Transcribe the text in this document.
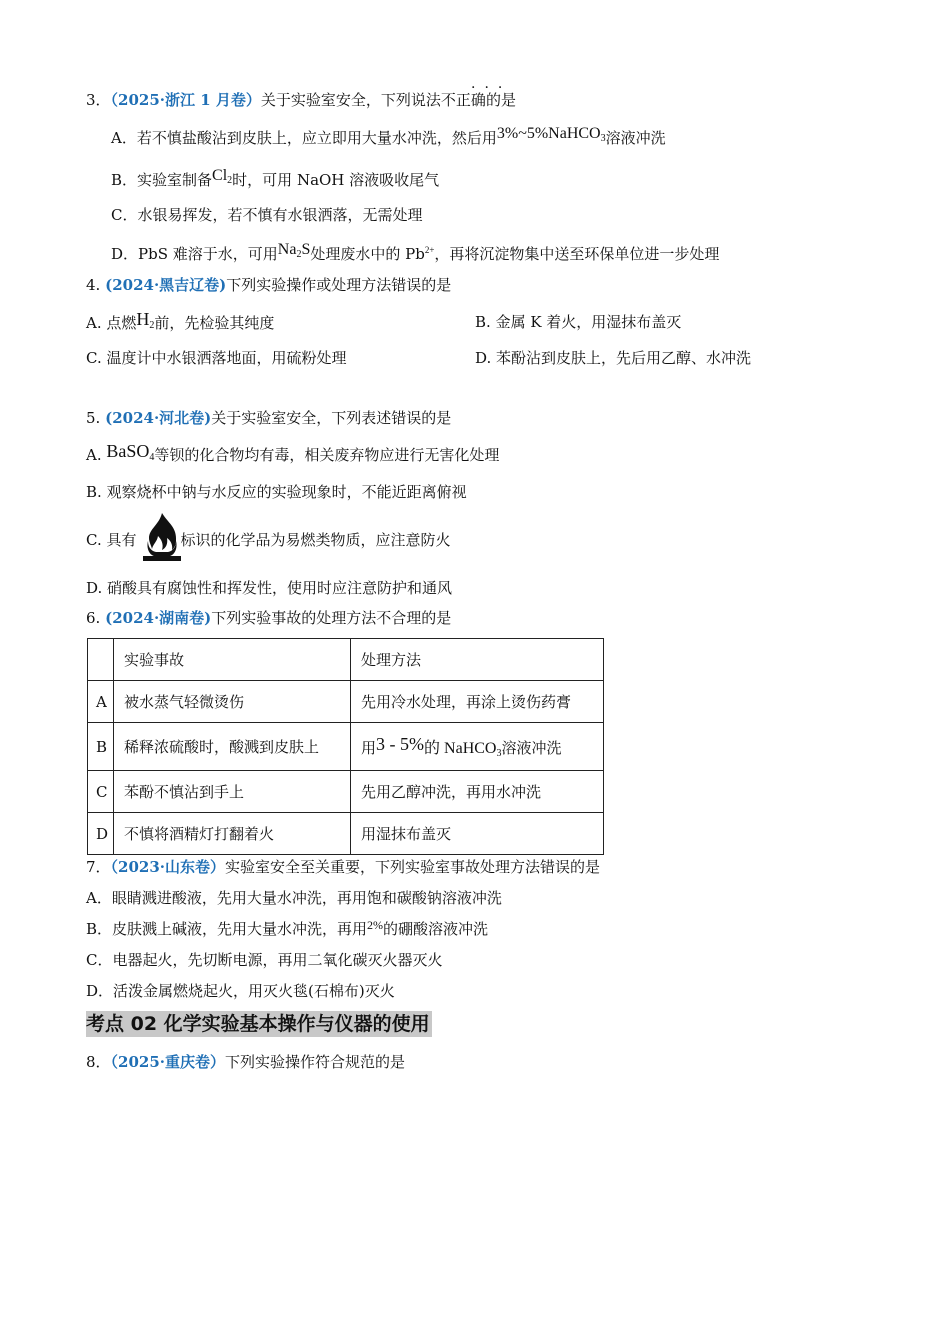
3．（2025·浙江 1 月卷）关于实验室安全，下列说法不正确的是
···
A．若不慎盐酸沾到皮肤上，应立即用大量水冲洗，然后用3%~5%NaHCO$_3$溶液冲洗
B．实验室制备$Cl_2$时，可用 NaOH 溶液吸收尾气
C．水银易挥发，若不慎有水银洒落，无需处理
D．PbS 难溶于水，可用$Na_2S$处理废水中的 $Pb^{2+}$，再将沉淀物集中送至环保单位进一步处理
4. (2024·黑吉辽卷)下列实验操作或处理方法错误的是
A. 点燃$H_2$前，先检验其纯度	B. 金属 K 着火，用湿抹布盖灭
C. 温度计中水银洒落地面，用硫粉处理	D. 苯酚沾到皮肤上，先后用乙醇、水冲洗
5. (2024·河北卷)关于实验室安全，下列表述错误的是
A. BaSO$_4$等钡的化合物均有毒，相关废弃物应进行无害化处理
B. 观察烧杯中钠与水反应的实验现象时，不能近距离俯视
C. 具有	标识的化学品为易燃类物质，应注意防火
D. 硝酸具有腐蚀性和挥发性，使用时应注意防护和通风
6. (2024·湖南卷)下列实验事故的处理方法不合理的是
	实验事故	处理方法
A	被水蒸气轻微烫伤	先用冷水处理，再涂上烫伤药膏
B	稀释浓硫酸时，酸溅到皮肤上	用3 - 5%的 NaHCO$_3$溶液冲洗
C	苯酚不慎沾到手上	先用乙醇冲洗，再用水冲洗
D	不慎将酒精灯打翻着火	用湿抹布盖灭
7．（2023·山东卷）实验室安全至关重要，下列实验室事故处理方法错误的是
A．眼睛溅进酸液，先用大量水冲洗，再用饱和碳酸钠溶液冲洗
B．皮肤溅上碱液，先用大量水冲洗，再用$^{2\%}$的硼酸溶液冲洗
C．电器起火，先切断电源，再用二氧化碳灭火器灭火
D．活泼金属燃烧起火，用灭火毯(石棉布)灭火
考点 02 化学实验基本操作与仪器的使用
8．（2025·重庆卷）下列实验操作符合规范的是
